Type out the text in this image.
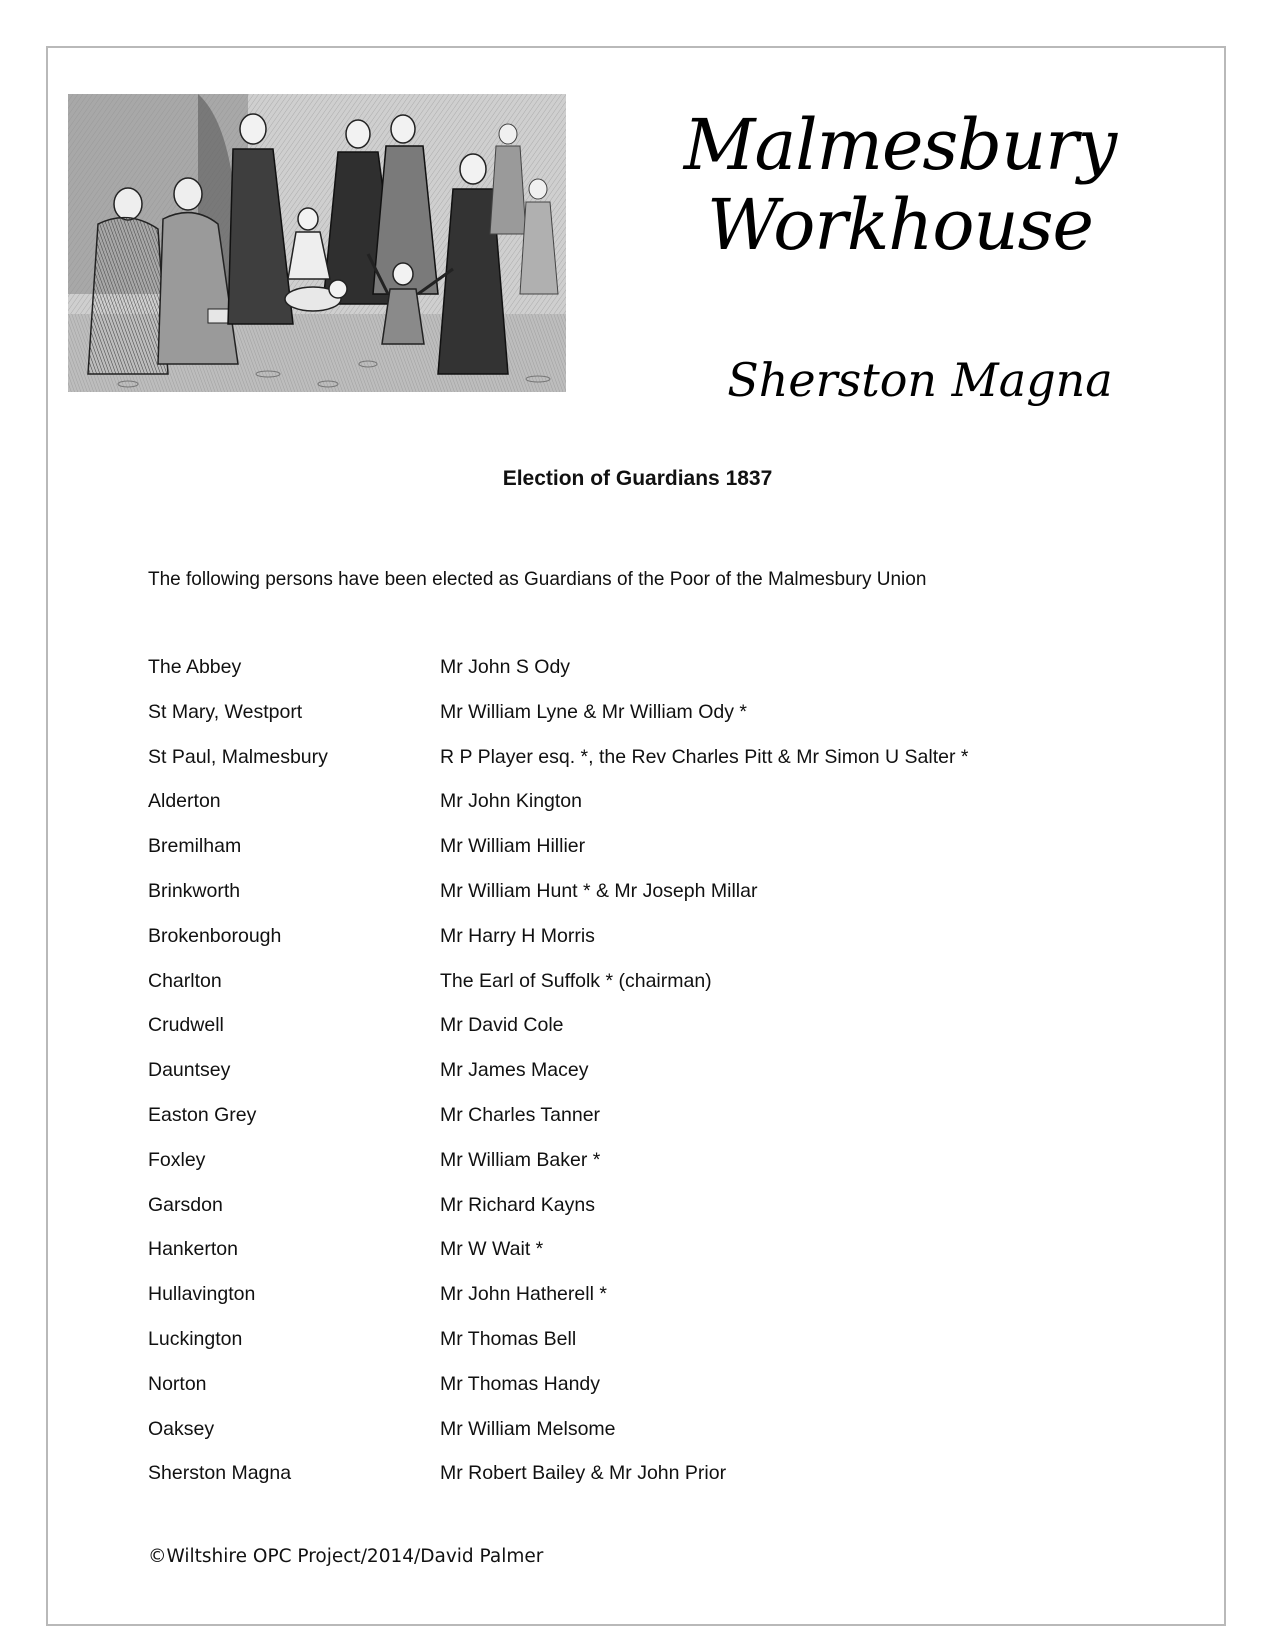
Malmesbury
Workhouse
Sherston Magna
Election of Guardians 1837
The following persons have been elected as Guardians of the Poor of the Malmesbury Union
The Abbey	Mr John S Ody
St Mary, Westport	Mr William Lyne & Mr William Ody *
St Paul, Malmesbury	R P Player esq. *, the Rev Charles Pitt & Mr Simon U Salter *
Alderton	Mr John Kington
Bremilham	Mr William Hillier
Brinkworth	Mr William Hunt * & Mr Joseph Millar
Brokenborough	Mr Harry H Morris
Charlton	The Earl of Suffolk * (chairman)
Crudwell	Mr David Cole
Dauntsey	Mr James Macey
Easton Grey	Mr Charles Tanner
Foxley	Mr William Baker *
Garsdon	Mr Richard Kayns
Hankerton	Mr W Wait *
Hullavington	Mr John Hatherell *
Luckington	Mr Thomas Bell
Norton	Mr Thomas Handy
Oaksey	Mr William Melsome
Sherston Magna	Mr Robert Bailey & Mr John Prior
©Wiltshire OPC Project/2014/David Palmer
